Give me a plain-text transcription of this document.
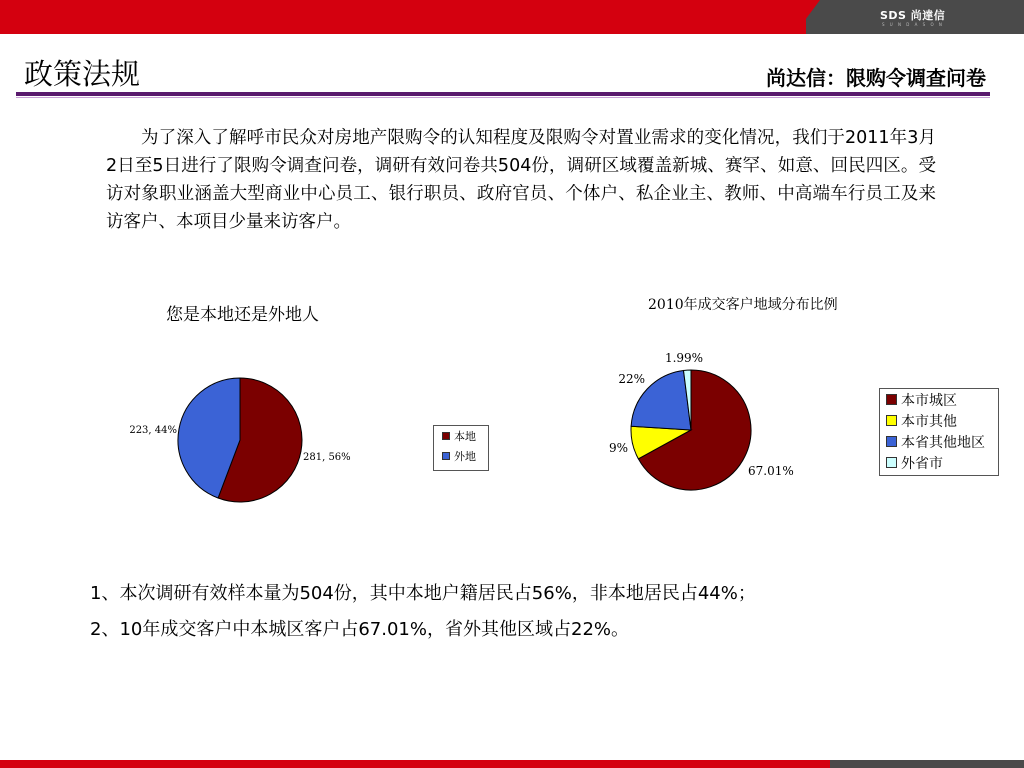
SDS 尚達信
S U N D A S O N
政策法规	尚达信：限购令调查问卷
为了深入了解呼市民众对房地产限购令的认知程度及限购令对置业需求的变化情况，我们于2011年3月2日至5日进行了限购令调查问卷，调研有效问卷共504份，调研区域覆盖新城、赛罕、如意、回民四区。受访对象职业涵盖大型商业中心员工、银行职员、政府官员、个体户、私企业主、教师、中高端车行员工及来访客户、本项目少量来访客户。
您是本地还是外地人	2010年成交客户地域分布比例
281, 56%
223, 44%
67.01%
9%
22%
1.99%
本地
外地
本市城区
本市其他
本省其他地区
外省市
1、本次调研有效样本量为504份，其中本地户籍居民占56%，非本地居民占44%；
2、10年成交客户中本城区客户占67.01%，省外其他区域占22%。
